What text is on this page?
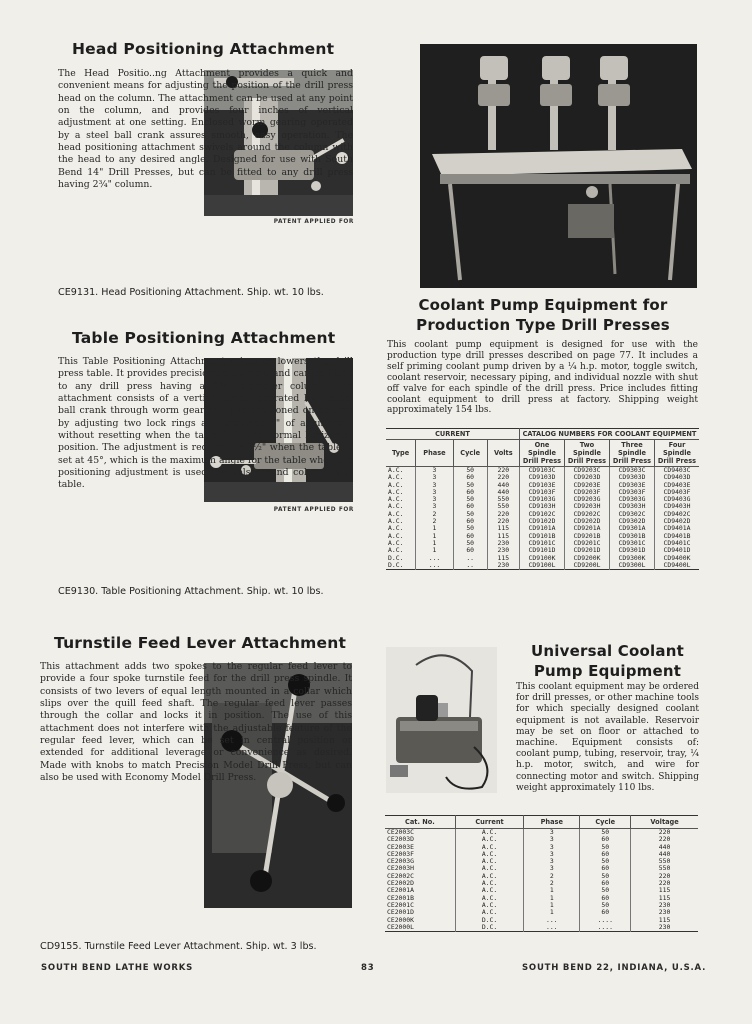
Head Positioning Attachment
PATENT APPLIED FOR
The Head Positio..ng Attachment provides a quick and convenient means for adjusting the position of the drill press head on the column. The attachment can be used at any point on the column, and provides four inches of vertical adjustment at one setting. Enclosed worm gearing operated by a steel ball crank assures smooth, easy operation. The head positioning attachment swivels around the column with the head to any desired angle. Designed for use with South Bend 14" Drill Presses, but can be fitted to any drill press having 2¾" column.
CE9131. Head Positioning Attachment. Ship. wt. 10 lbs.
Table Positioning Attachment
PATENT APPLIED FOR
This Table Positioning Attachment raises or lowers the drill press table. It provides precision adjustment and can be fitted to any drill press having a 2¾" diameter column. The attachment consists of a vertical screw operated by a steel ball crank through worm gearing. It is positioned on column by adjusting two lock rings and provides 4" of adjustment without resetting when the table is in the normal horizontal position. The adjustment is reduced to 3½" when the table is set at 45°, which is the maximum angle for the table when the positioning adjustment is used. Swivels around column with table.
CE9130. Table Positioning Attachment. Ship. wt. 10 lbs.
Turnstile Feed Lever Attachment
This attachment adds two spokes to the regular feed lever to provide a four spoke turnstile feed for the drill press spindle. It consists of two levers of equal length mounted in a collar which slips over the quill feed shaft. The regular feed lever passes through the collar and locks it in position. The use of this attachment does not interfere with the adjustable feature of the regular feed lever, which can be set in central position or extended for additional leverage or convenience as desired. Made with knobs to match Precision Model Drill Press, but can also be used with Economy Model Drill Press.
CD9155. Turnstile Feed Lever Attachment. Ship. wt. 3 lbs.
Coolant Pump Equipment for
Production Type Drill Presses
This coolant pump equipment is designed for use with the production type drill presses described on page 77. It includes a self priming coolant pump driven by a ¼ h.p. motor, toggle switch, coolant reservoir, necessary piping, and individual nozzle with shut off valve for each spindle of the drill press. Price includes fitting coolant equipment to drill press at factory. Shipping weight approximately 154 lbs.
CURRENT				CATALOG NUMBERS FOR COOLANT EQUIPMENT			
Type	Phase	Cycle	Volts	One Spindle Drill Press	Two Spindle Drill Press	Three Spindle Drill Press	Four Spindle Drill Press
A.C.	3	50	220	CD9103C	CD9203C	CD9303C	CD9403C
A.C.	3	60	220	CD9103D	CD9203D	CD9303D	CD9403D
A.C.	3	50	440	CD9103E	CD9203E	CD9303E	CD9403E
A.C.	3	60	440	CD9103F	CD9203F	CD9303F	CD9403F
A.C.	3	50	550	CD9103G	CD9203G	CD9303G	CD9403G
A.C.	3	60	550	CD9103H	CD9203H	CD9303H	CD9403H
A.C.	2	50	220	CD9102C	CD9202C	CD9302C	CD9402C
A.C.	2	60	220	CD9102D	CD9202D	CD9302D	CD9402D
A.C.	1	50	115	CD9101A	CD9201A	CD9301A	CD9401A
A.C.	1	60	115	CD9101B	CD9201B	CD9301B	CD9401B
A.C.	1	50	230	CD9101C	CD9201C	CD9301C	CD9401C
A.C.	1	60	230	CD9101D	CD9201D	CD9301D	CD9401D
D.C.	...	..	115	CD9100K	CD9200K	CD9300K	CD9400K
D.C.	...	..	230	CD9100L	CD9200L	CD9300L	CD9400L
Universal Coolant
Pump Equipment
This coolant equipment may be ordered for drill presses, or other machine tools for which specially designed coolant equipment is not available. Reservoir may be set on floor or attached to machine. Equipment consists of: coolant pump, tubing, reservoir, tray, ¼ h.p. motor, switch, and wire for connecting motor and switch. Shipping weight approximately 110 lbs.
Cat. No.	Current	Phase	Cycle	Voltage
CE2003C	A.C.	3	50	220
CE2003D	A.C.	3	60	220
CE2003E	A.C.	3	50	440
CE2003F	A.C.	3	60	440
CE2003G	A.C.	3	50	550
CE2003H	A.C.	3	60	550
CE2002C	A.C.	2	50	220
CE2002D	A.C.	2	60	220
CE2001A	A.C.	1	50	115
CE2001B	A.C.	1	60	115
CE2001C	A.C.	1	50	230
CE2001D	A.C.	1	60	230
CE2000K	D.C.	...	....	115
CE2000L	D.C.	...	....	230
SOUTH BEND LATHE WORKS	83	SOUTH BEND 22, INDIANA, U.S.A.
